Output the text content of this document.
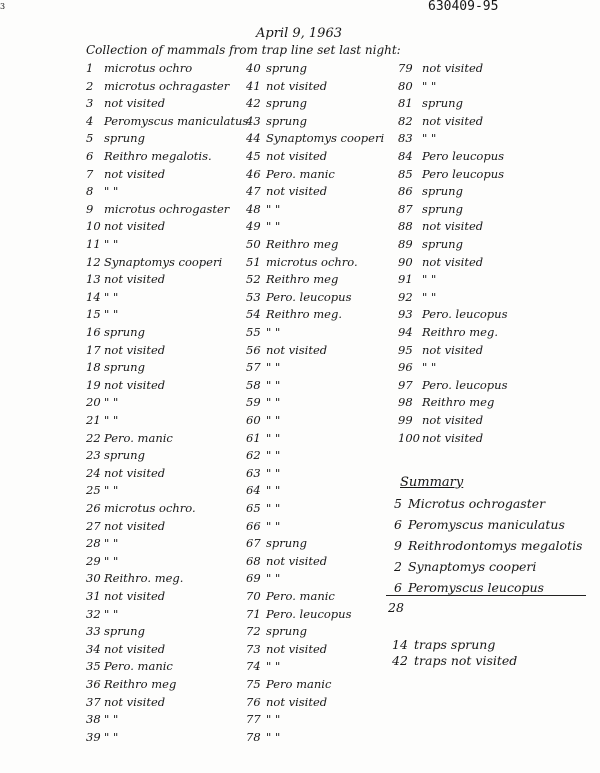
3	630409-95
April 9, 1963
Collection of mammals from trap line set last night:
1 microtus ochro
2 microtus ochragaster
3 not visited
4 Peromyscus maniculatus
5 sprung
6 Reithro megalotis.
7 not visited
8 " "
9 microtus ochrogaster
10 not visited
11 " "
12 Synaptomys cooperi
13 not visited
14 " "
15 " "
16 sprung
17 not visited
18 sprung
19 not visited
20 " "
21 " "
22 Pero. manic
23 sprung
24 not visited
25 " "
26 microtus ochro.
27 not visited
28 " "
29 " "
30 Reithro. meg.
31 not visited
32 " "
33 sprung
34 not visited
35 Pero. manic
36 Reithro meg
37 not visited
38 " "
39 " "
40 sprung
41 not visited
42 sprung
43 sprung
44 Synaptomys cooperi
45 not visited
46 Pero. manic
47 not visited
48 " "
49 " "
50 Reithro meg
51 microtus ochro.
52 Reithro meg
53 Pero. leucopus
54 Reithro meg.
55 " "
56 not visited
57 " "
58 " "
59 " "
60 " "
61 " "
62 " "
63 " "
64 " "
65 " "
66 " "
67 sprung
68 not visited
69 " "
70 Pero. manic
71 Pero. leucopus
72 sprung
73 not visited
74 " "
75 Pero manic
76 not visited
77 " "
78 " "
79 not visited
80 " "
81 sprung
82 not visited
83 " "
84 Pero leucopus
85 Pero leucopus
86 sprung
87 sprung
88 not visited
89 sprung
90 not visited
91 " "
92 " "
93 Pero. leucopus
94 Reithro meg.
95 not visited
96 " "
97 Pero. leucopus
98 Reithro meg
99 not visited
100 not visited
Summary
5 Microtus ochrogaster
6 Peromyscus maniculatus
9 Reithrodontomys megalotis
2 Synaptomys cooperi
6 Peromyscus leucopus
28
14 traps sprung
42 traps not visited
